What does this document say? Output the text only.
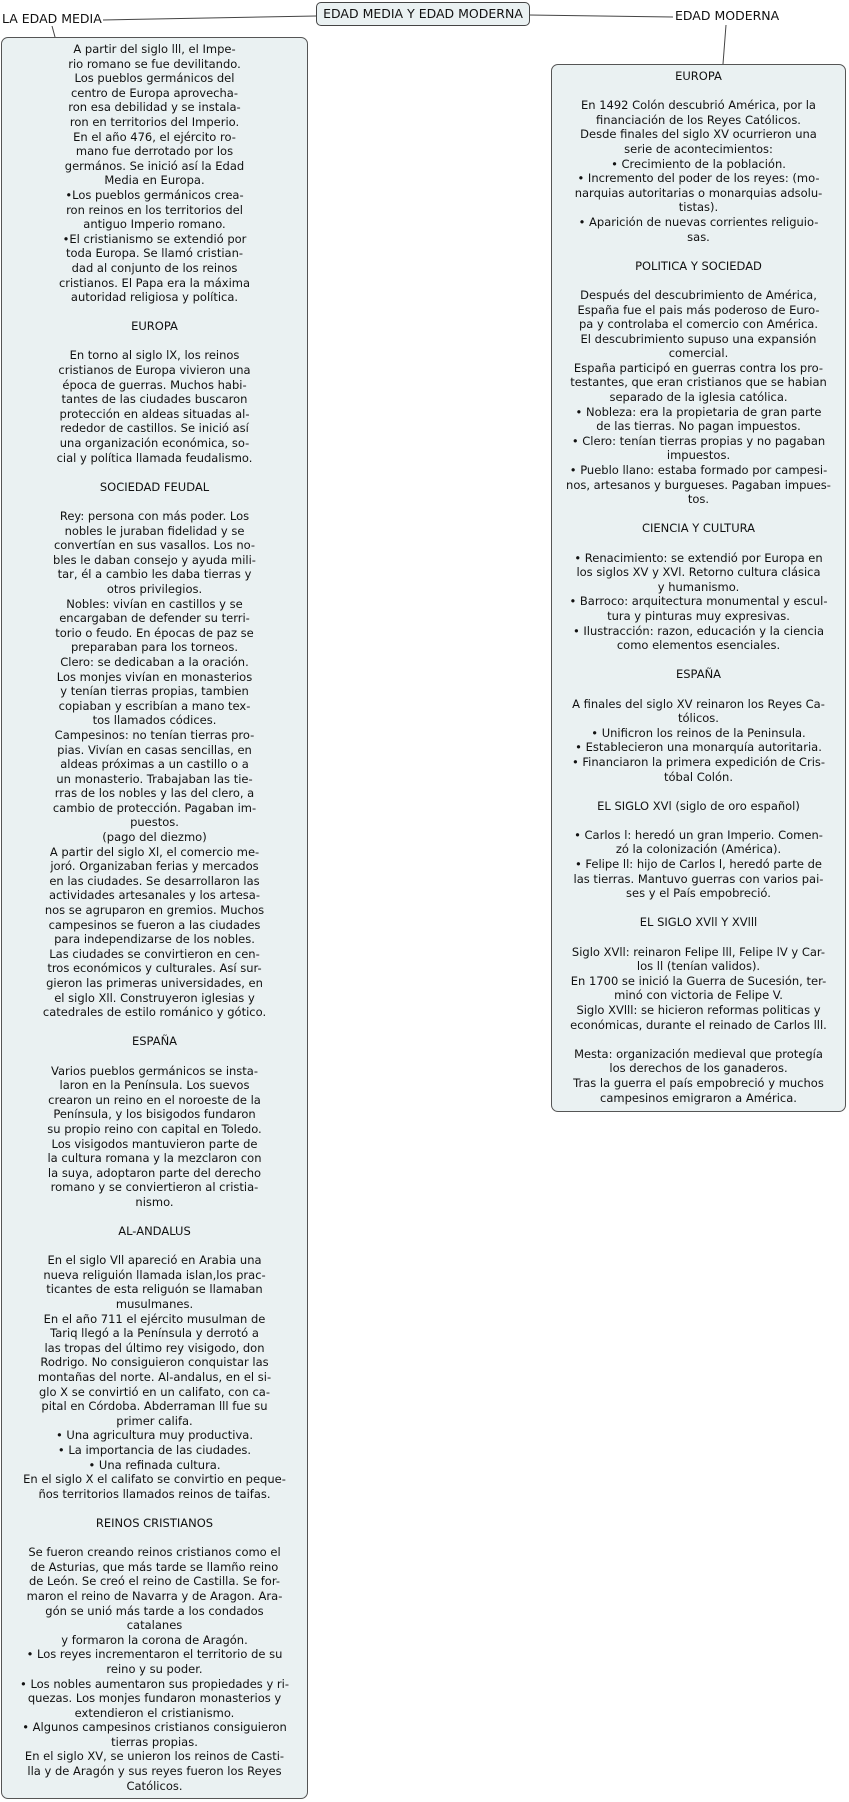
EDAD MEDIA Y EDAD MODERNA
LA EDAD MEDIA	EDAD MODERNA

A partir del siglo lll, el Impe-
rio romano se fue devilitando.
Los pueblos germánicos del
centro de Europa aprovecha-
ron esa debilidad y se instala-
ron en territorios del Imperio.
En el año 476, el ejército ro-
mano fue derrotado por los
germános. Se inició así la Edad
Media en Europa.
•Los pueblos germánicos crea-
ron reinos en los territorios del
antiguo Imperio romano.
•El cristianismo se extendió por
toda Europa. Se llamó cristian-
dad al conjunto de los reinos
cristianos. El Papa era la máxima
autoridad religiosa y política.

EUROPA

En torno al siglo lX, los reinos
cristianos de Europa vivieron una
época de guerras. Muchos habi-
tantes de las ciudades buscaron
protección en aldeas situadas al-
rededor de castillos. Se inició así
una organización económica, so-
cial y política llamada feudalismo.

SOCIEDAD FEUDAL

Rey: persona con más poder. Los
nobles le juraban fidelidad y se
convertían en sus vasallos. Los no-
bles le daban consejo y ayuda mili-
tar, él a cambio les daba tierras y
otros privilegios.
Nobles: vivían en castillos y se
encargaban de defender su terri-
torio o feudo. En épocas de paz se
preparaban para los torneos.
Clero: se dedicaban a la oración.
Los monjes vivían en monasterios
y tenían tierras propias, tambien
copiaban y escribían a mano tex-
tos llamados códices.
Campesinos: no tenían tierras pro-
pias. Vivían en casas sencillas, en
aldeas próximas a un castillo o a
un monasterio. Trabajaban las tie-
rras de los nobles y las del clero, a
cambio de protección. Pagaban im-
puestos.
(pago del diezmo)
A partir del siglo Xl, el comercio me-
joró. Organizaban ferias y mercados
en las ciudades. Se desarrollaron las
actividades artesanales y los artesa-
nos se agruparon en gremios. Muchos
campesinos se fueron a las ciudades
para independizarse de los nobles.
Las ciudades se convirtieron en cen-
tros económicos y culturales. Así sur-
gieron las primeras universidades, en
el siglo Xll. Construyeron iglesias y
catedrales de estilo románico y gótico.

ESPAÑA

Varios pueblos germánicos se insta-
laron en la Península. Los suevos
crearon un reino en el noroeste de la
Península, y los bisigodos fundaron
su propio reino con capital en Toledo.
Los visigodos mantuvieron parte de
la cultura romana y la mezclaron con
la suya, adoptaron parte del derecho
romano y se conviertieron al cristia-
nismo.

AL-ANDALUS

En el siglo Vll apareció en Arabia una
nueva religuión llamada islan,los prac-
ticantes de esta religuón se llamaban
musulmanes.
En el año 711 el ejército musulman de
Tariq llegó a la Península y derrotó a
las tropas del último rey visigodo, don
Rodrigo. No consiguieron conquistar las
montañas del norte. Al-andalus, en el si-
glo X se convirtió en un califato, con ca-
pital en Córdoba. Abderraman lll fue su
primer califa.
• Una agricultura muy productiva.
• La importancia de las ciudades.
• Una refinada cultura.
En el siglo X el califato se convirtio en peque-
ños territorios llamados reinos de taifas.

REINOS CRISTIANOS

Se fueron creando reinos cristianos como el
de Asturias, que más tarde se llamño reino
de León. Se creó el reino de Castilla. Se for-
maron el reino de Navarra y de Aragon. Ara-
gón se unió más tarde a los condados catalanes
y formaron la corona de Aragón.
• Los reyes incrementaron el territorio de su
reino y su poder.
• Los nobles aumentaron sus propiedades y ri-
quezas. Los monjes fundaron monasterios y
extendieron el cristianismo.
• Algunos campesinos cristianos consiguieron
tierras propias.
En el siglo XV, se unieron los reinos de Casti-
lla y de Aragón y sus reyes fueron los Reyes
Católicos.

EUROPA

En 1492 Colón descubrió América, por la
financiación de los Reyes Católicos.
Desde finales del siglo XV ocurrieron una
serie de acontecimientos:
• Crecimiento de la población.
• Incremento del poder de los reyes: (mo-
narquias autoritarias o monarquias adsolu-
tistas).
• Aparición de nuevas corrientes religuio-
sas.

POLITICA Y SOCIEDAD

Después del descubrimiento de América,
España fue el pais más poderoso de Euro-
pa y controlaba el comercio con América.
El descubrimiento supuso una expansión
comercial.
España participó en guerras contra los pro-
testantes, que eran cristianos que se habian
separado de la iglesia católica.
• Nobleza: era la propietaria de gran parte
de las tierras. No pagan impuestos.
• Clero: tenían tierras propias y no pagaban
impuestos.
• Pueblo llano: estaba formado por campesi-
nos, artesanos y burgueses. Pagaban impues-
tos.

CIENCIA Y CULTURA

• Renacimiento: se extendió por Europa en
los siglos XV y XVl. Retorno cultura clásica
y humanismo.
• Barroco: arquitectura monumental y escul-
tura y pinturas muy expresivas.
• Ilustracción: razon, educación y la ciencia
como elementos esenciales.

ESPAÑA

A finales del siglo XV reinaron los Reyes Ca-
tólicos.
• Unificron los reinos de la Peninsula.
• Establecieron una monarquía autoritaria.
• Financiaron la primera expedición de Cris-
tóbal Colón.

EL SIGLO XVl (siglo de oro español)

• Carlos l: heredó un gran Imperio. Comen-
zó la colonización (América).
• Felipe ll: hijo de Carlos l, heredó parte de
las tierras. Mantuvo guerras con varios pai-
ses y el País empobreció.

EL SIGLO XVll Y XVlll

Siglo XVll: reinaron Felipe lll, Felipe lV y Car-
los ll (tenían validos).
En 1700 se inició la Guerra de Sucesión, ter-
minó con victoria de Felipe V.
Siglo XVlll: se hicieron reformas politicas y
económicas, durante el reinado de Carlos lll.

Mesta: organización medieval que protegía
los derechos de los ganaderos.
Tras la guerra el país empobreció y muchos
campesinos emigraron a América.
